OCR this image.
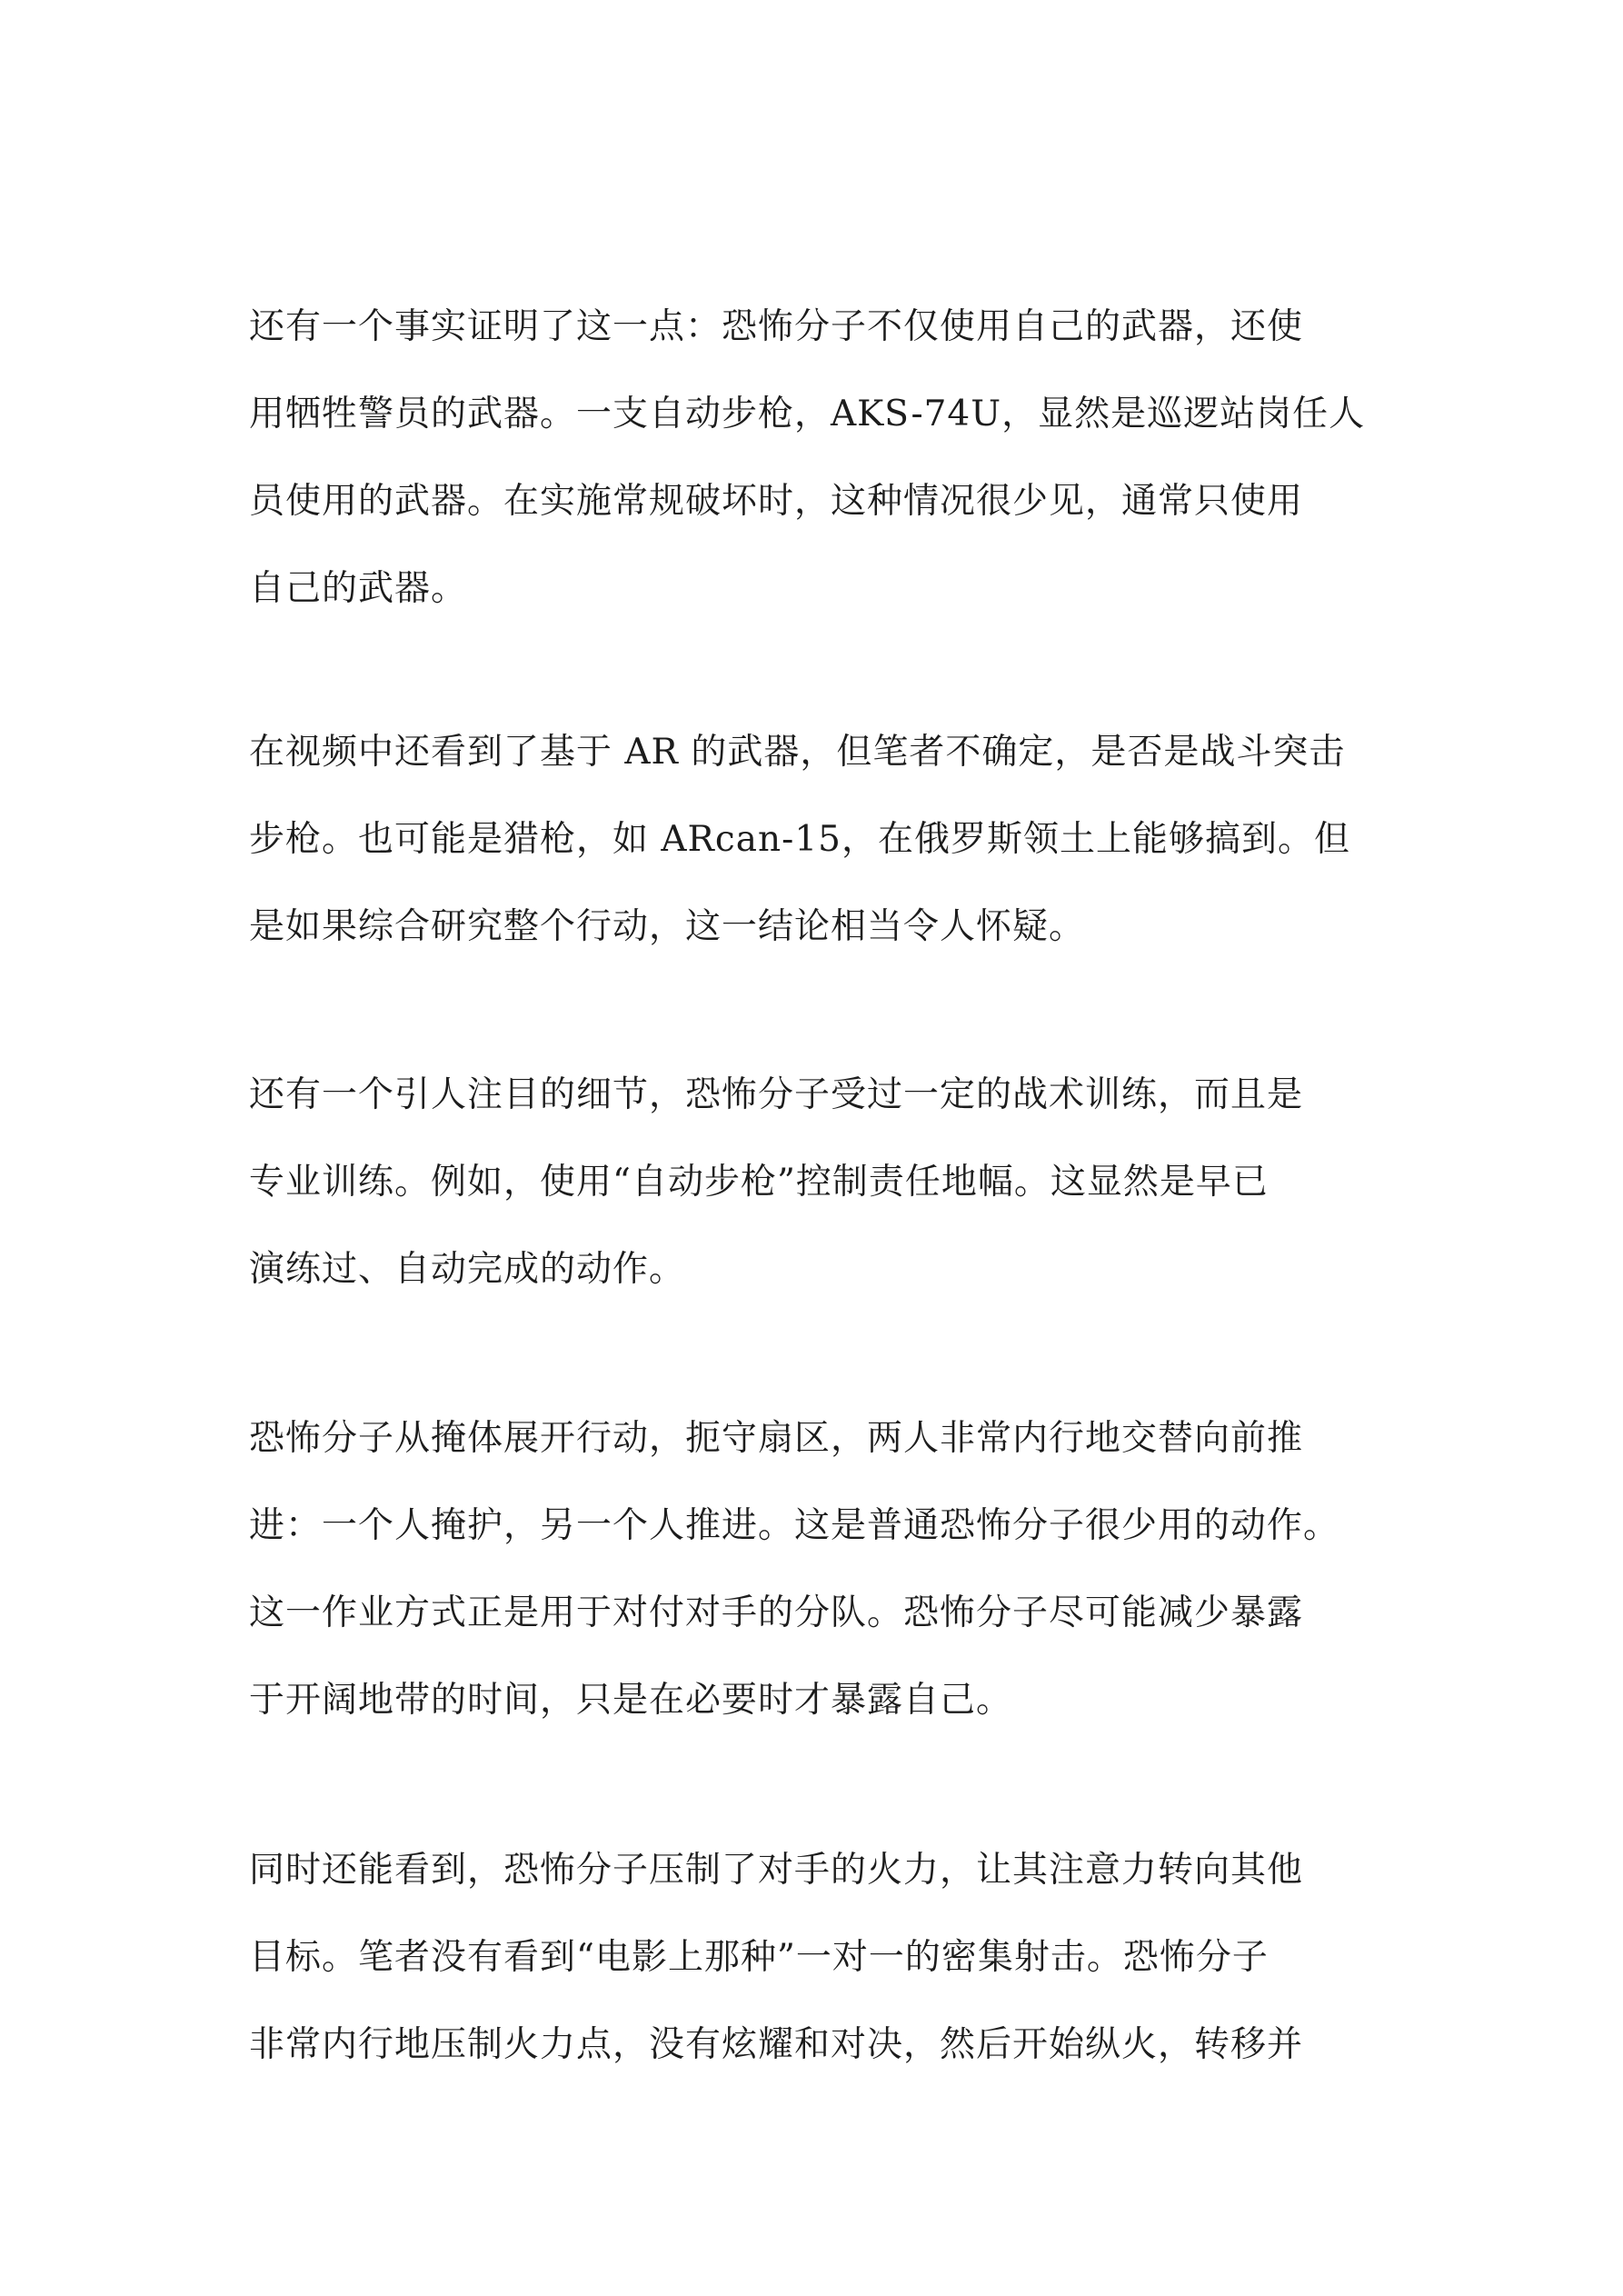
还有一个事实证明了这一点：恐怖分子不仅使用自己的武器，还使

用牺牲警员的武器。一支自动步枪，AKS-74U，显然是巡逻站岗任人

员使用的武器。在实施常规破坏时，这种情况很少见，通常只使用

自己的武器。

在视频中还看到了基于 AR 的武器，但笔者不确定，是否是战斗突击

步枪。也可能是猎枪，如 ARcan-15，在俄罗斯领土上能够搞到。但

是如果综合研究整个行动，这一结论相当令人怀疑。

还有一个引人注目的细节，恐怖分子受过一定的战术训练，而且是

专业训练。例如，使用“自动步枪”控制责任地幅。这显然是早已

演练过、自动完成的动作。

恐怖分子从掩体展开行动，扼守扇区，两人非常内行地交替向前推

进：一个人掩护，另一个人推进。这是普通恐怖分子很少用的动作。

这一作业方式正是用于对付对手的分队。恐怖分子尽可能减少暴露

于开阔地带的时间，只是在必要时才暴露自己。

同时还能看到，恐怖分子压制了对手的火力，让其注意力转向其他

目标。笔者没有看到“电影上那种”一对一的密集射击。恐怖分子

非常内行地压制火力点，没有炫耀和对决，然后开始纵火，转移并
